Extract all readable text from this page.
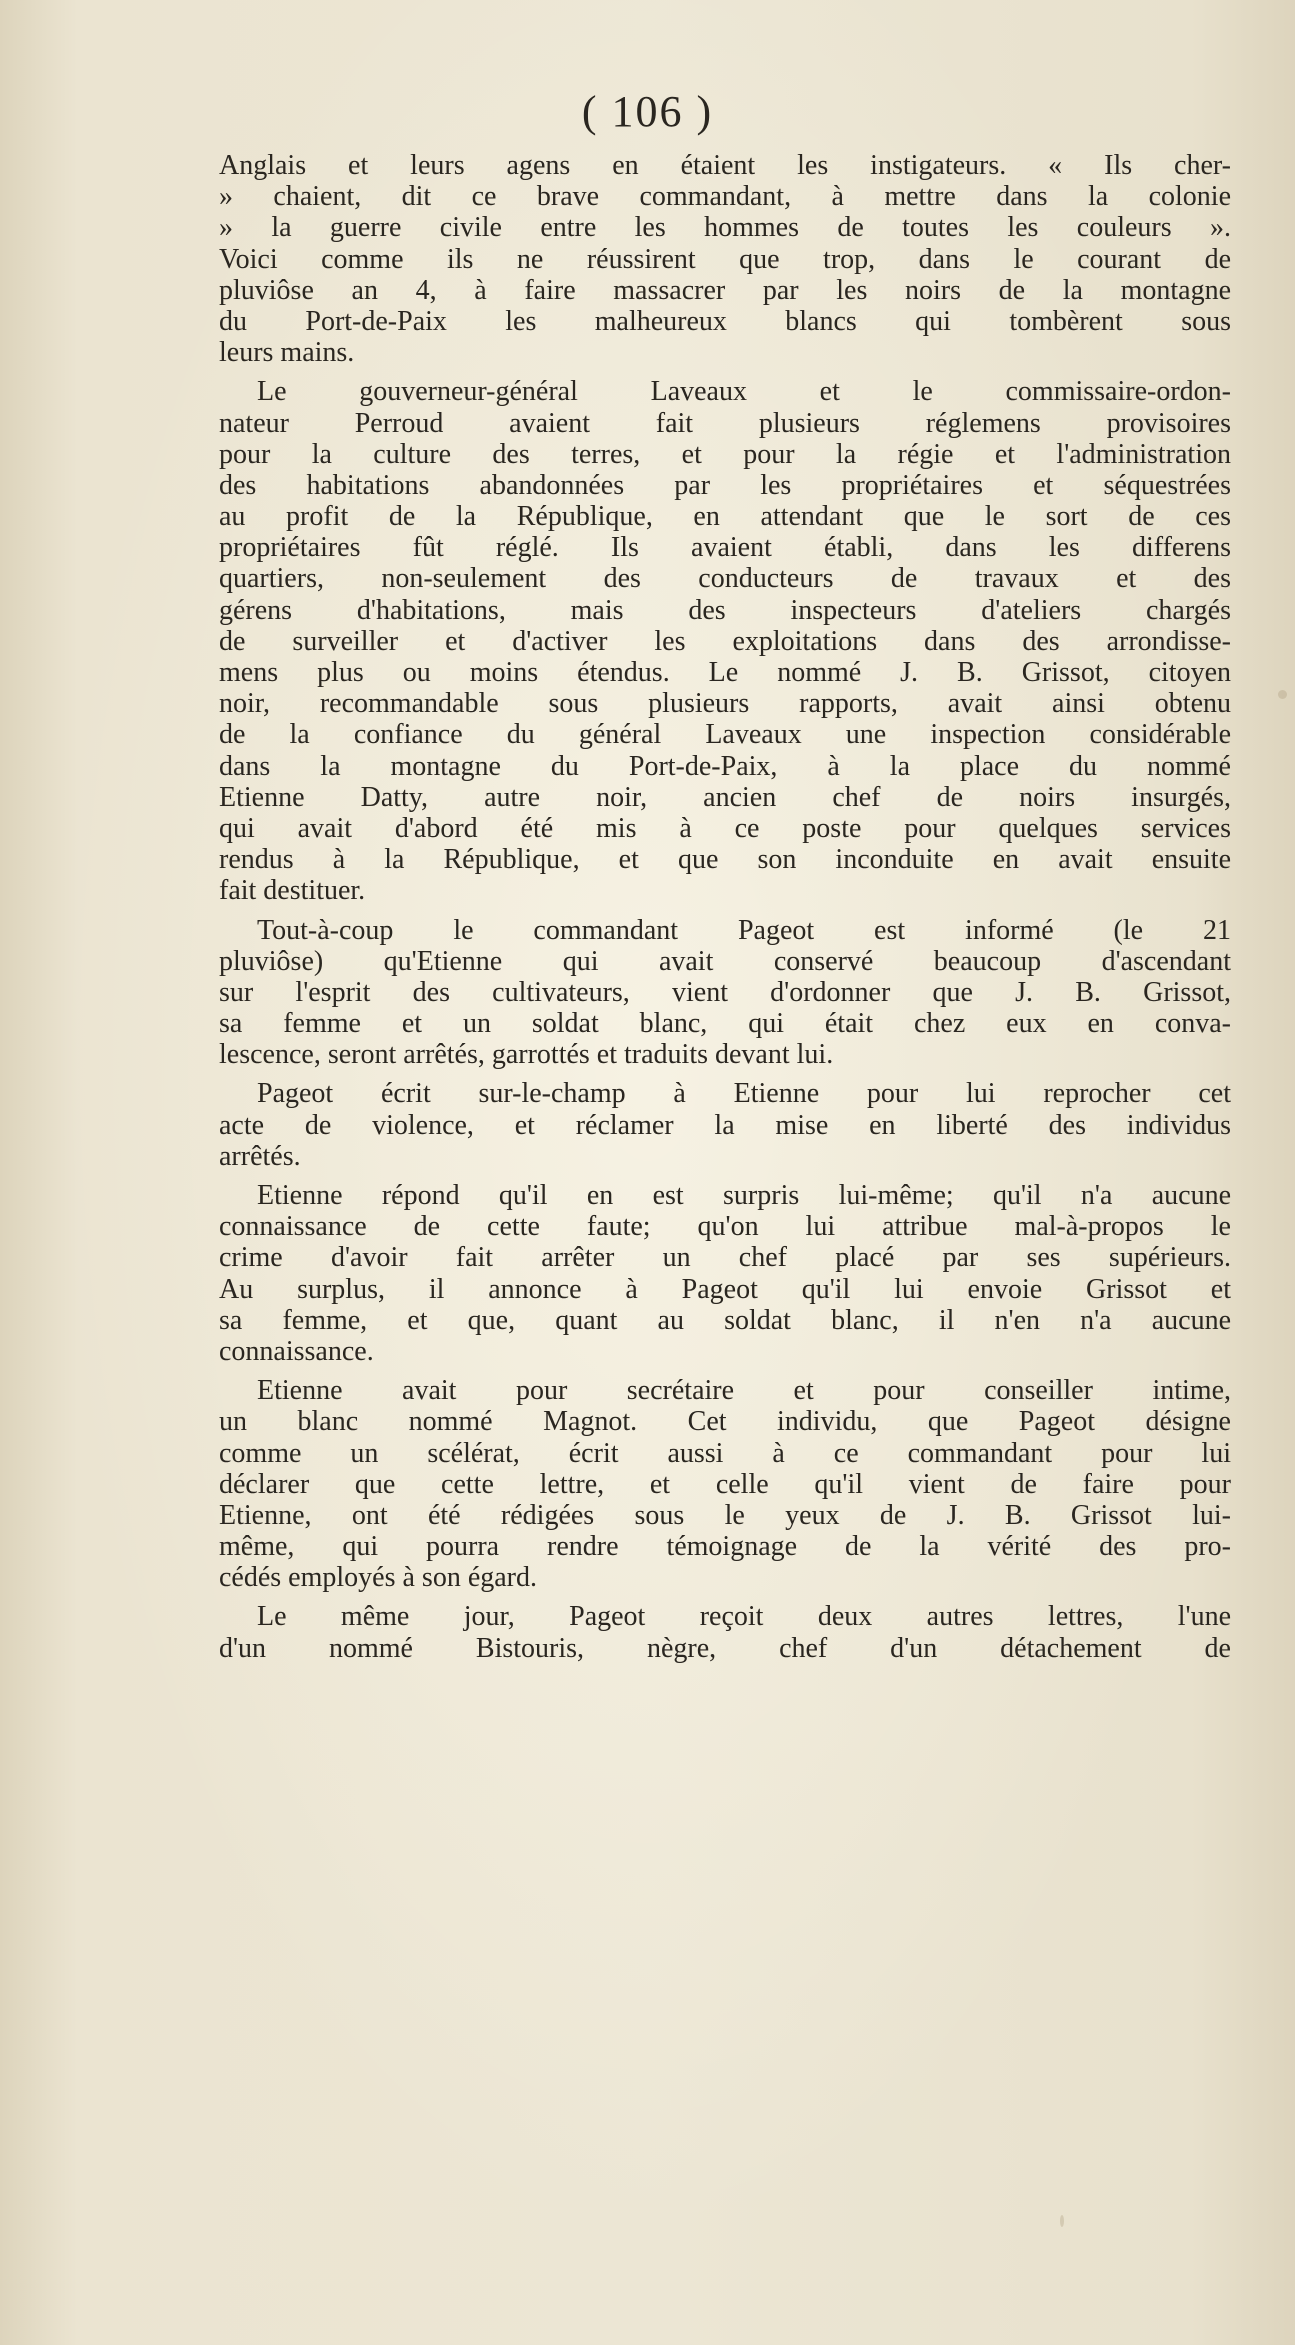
( 106 )
Anglais et leurs agens en étaient les instigateurs. « Ils cher-
» chaient, dit ce brave commandant, à mettre dans la colonie
» la guerre civile entre les hommes de toutes les couleurs ».
Voici comme ils ne réussirent que trop, dans le courant de
pluviôse an 4, à faire massacrer par les noirs de la montagne
du Port-de-Paix les malheureux blancs qui tombèrent sous
leurs mains.
Le gouverneur-général Laveaux et le commissaire-ordon-
nateur Perroud avaient fait plusieurs réglemens provisoires
pour la culture des terres, et pour la régie et l'administration
des habitations abandonnées par les propriétaires et séquestrées
au profit de la République, en attendant que le sort de ces
propriétaires fût réglé. Ils avaient établi, dans les differens
quartiers, non-seulement des conducteurs de travaux et des
gérens d'habitations, mais des inspecteurs d'ateliers chargés
de surveiller et d'activer les exploitations dans des arrondisse-
mens plus ou moins étendus. Le nommé J. B. Grissot, citoyen
noir, recommandable sous plusieurs rapports, avait ainsi obtenu
de la confiance du général Laveaux une inspection considérable
dans la montagne du Port-de-Paix, à la place du nommé
Etienne Datty, autre noir, ancien chef de noirs insurgés,
qui avait d'abord été mis à ce poste pour quelques services
rendus à la République, et que son inconduite en avait ensuite
fait destituer.
Tout-à-coup le commandant Pageot est informé (le 21
pluviôse) qu'Etienne qui avait conservé beaucoup d'ascendant
sur l'esprit des cultivateurs, vient d'ordonner que J. B. Grissot,
sa femme et un soldat blanc, qui était chez eux en conva-
lescence, seront arrêtés, garrottés et traduits devant lui.
Pageot écrit sur-le-champ à Etienne pour lui reprocher cet
acte de violence, et réclamer la mise en liberté des individus
arrêtés.
Etienne répond qu'il en est surpris lui-même; qu'il n'a aucune
connaissance de cette faute; qu'on lui attribue mal-à-propos le
crime d'avoir fait arrêter un chef placé par ses supérieurs.
Au surplus, il annonce à Pageot qu'il lui envoie Grissot et
sa femme, et que, quant au soldat blanc, il n'en n'a aucune
connaissance.
Etienne avait pour secrétaire et pour conseiller intime,
un blanc nommé Magnot. Cet individu, que Pageot désigne
comme un scélérat, écrit aussi à ce commandant pour lui
déclarer que cette lettre, et celle qu'il vient de faire pour
Etienne, ont été rédigées sous le yeux de J. B. Grissot lui-
même, qui pourra rendre témoignage de la vérité des pro-
cédés employés à son égard.
Le même jour, Pageot reçoit deux autres lettres, l'une
d'un nommé Bistouris, nègre, chef d'un détachement de
